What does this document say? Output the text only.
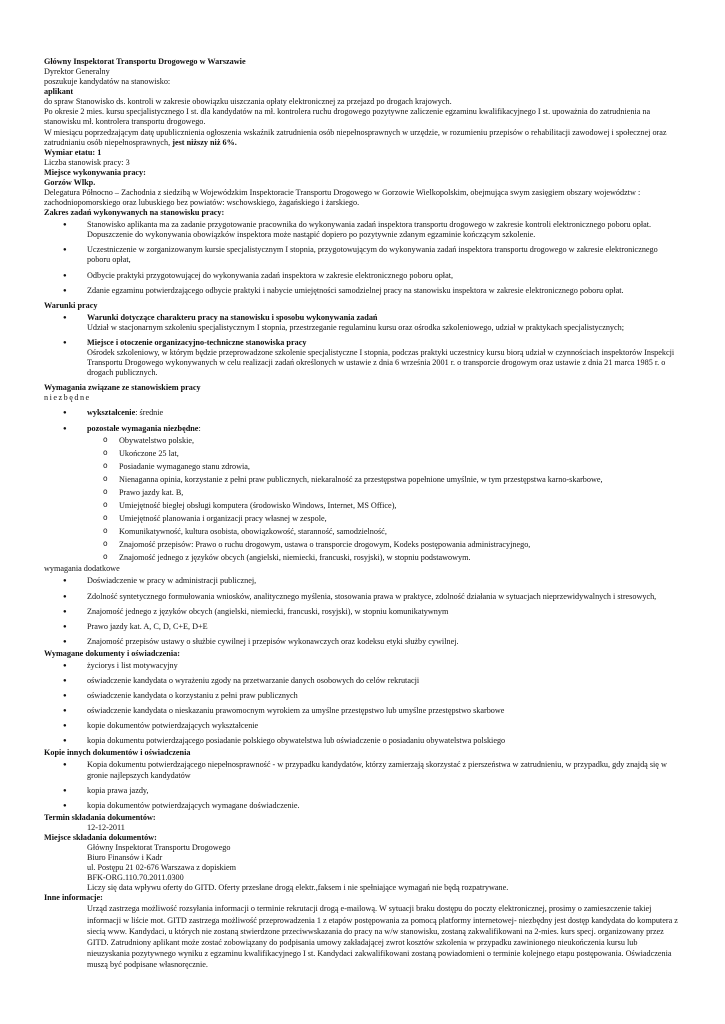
Główny Inspektorat Transportu Drogowego w Warszawie
Dyrektor Generalny
poszukuje kandydatów na stanowisko:
aplikant
do spraw Stanowisko ds. kontroli w zakresie obowiązku uiszczania opłaty elektronicznej za przejazd po drogach krajowych.
Po okresie 2 mies. kursu specjalistycznego I st. dla kandydatów na mł. kontrolera ruchu drogowego pozytywne zaliczenie egzaminu kwalifikacyjnego I st. upoważnia do zatrudnienia na stanowisku mł. kontrolera transportu drogowego.
W miesiącu poprzedzającym datę upublicznienia ogłoszenia wskaźnik zatrudnienia osób niepełnosprawnych w urzędzie, w rozumieniu przepisów o rehabilitacji zawodowej i społecznej oraz zatrudnianiu osób niepełnosprawnych, jest niższy niż 6%.
Wymiar etatu: 1
Liczba stanowisk pracy: 3
Miejsce wykonywania pracy:
Gorzów Wlkp.
Delegatura Północno – Zachodnia z siedzibą w Wojewódzkim Inspektoracie Transportu Drogowego w Gorzowie Wielkopolskim, obejmująca swym zasięgiem obszary województw : zachodniopomorskiego oraz lubuskiego bez powiatów: wschowskiego, żagańskiego i żarskiego.
Zakres zadań wykonywanych na stanowisku pracy:
● Stanowisko aplikanta ma za zadanie przygotowanie pracownika do wykonywania zadań inspektora transportu drogowego w zakresie kontroli elektronicznego poboru opłat. Dopuszczenie do wykonywania obowiązków inspektora może nastąpić dopiero po pozytywnie zdanym egzaminie kończącym szkolenie.
● Uczestniczenie w zorganizowanym kursie specjalistycznym I stopnia, przygotowującym do wykonywania zadań inspektora transportu drogowego w zakresie elektronicznego poboru opłat,
● Odbycie praktyki przygotowującej do wykonywania zadań inspektora w zakresie elektronicznego poboru opłat,
● Zdanie egzaminu potwierdzającego odbycie praktyki i nabycie umiejętności samodzielnej pracy na stanowisku inspektora w zakresie elektronicznego poboru opłat.
Warunki pracy
● Warunki dotyczące charakteru pracy na stanowisku i sposobu wykonywania zadań
Udział w stacjonarnym szkoleniu specjalistycznym I stopnia, przestrzeganie regulaminu kursu oraz ośrodka szkoleniowego, udział w praktykach specjalistycznych;
● Miejsce i otoczenie organizacyjno-techniczne stanowiska pracy
Ośrodek szkoleniowy, w którym będzie przeprowadzone szkolenie specjalistyczne I stopnia, podczas praktyki uczestnicy kursu biorą udział w czynnościach inspektorów Inspekcji Transportu Drogowego wykonywanych w celu realizacji zadań określonych w ustawie z dnia 6 września 2001 r. o transporcie drogowym oraz ustawie z dnia 21 marca 1985 r. o drogach publicznych.
Wymagania związane ze stanowiskiem pracy
niezbędne
● wykształcenie: średnie
● pozostałe wymagania niezbędne:
o Obywatelstwo polskie,
o Ukończone 25 lat,
o Posiadanie wymaganego stanu zdrowia,
o Nienaganna opinia, korzystanie z pełni praw publicznych, niekaralność za przestępstwa popełnione umyślnie, w tym przestępstwa karno-skarbowe,
o Prawo jazdy kat. B,
o Umiejętność biegłej obsługi komputera (środowisko Windows, Internet, MS Office),
o Umiejętność planowania i organizacji pracy własnej w zespole,
o Komunikatywność, kultura osobista, obowiązkowość, staranność, samodzielność,
o Znajomość przepisów: Prawo o ruchu drogowym, ustawa o transporcie drogowym, Kodeks postępowania administracyjnego,
o Znajomość jednego z języków obcych (angielski, niemiecki, francuski, rosyjski), w stopniu podstawowym.
wymagania dodatkowe
● Doświadczenie w pracy w administracji publicznej,
● Zdolność syntetycznego formułowania wniosków, analitycznego myślenia, stosowania prawa w praktyce, zdolność działania w sytuacjach nieprzewidywalnych i stresowych,
● Znajomość jednego z języków obcych (angielski, niemiecki, francuski, rosyjski), w stopniu komunikatywnym
● Prawo jazdy kat. A, C, D, C+E, D+E
● Znajomość przepisów ustawy o służbie cywilnej i przepisów wykonawczych oraz kodeksu etyki służby cywilnej.
Wymagane dokumenty i oświadczenia:
● życiorys i list motywacyjny
● oświadczenie kandydata o wyrażeniu zgody na przetwarzanie danych osobowych do celów rekrutacji
● oświadczenie kandydata o korzystaniu z pełni praw publicznych
● oświadczenie kandydata o nieskazaniu prawomocnym wyrokiem za umyślne przestępstwo lub umyślne przestępstwo skarbowe
● kopie dokumentów potwierdzających wykształcenie
● kopia dokumentu potwierdzającego posiadanie polskiego obywatelstwa lub oświadczenie o posiadaniu obywatelstwa polskiego
Kopie innych dokumentów i oświadczenia
● Kopia dokumentu potwierdzającego niepełnosprawność - w przypadku kandydatów, którzy zamierzają skorzystać z pierszeństwa w zatrudnieniu, w przypadku, gdy znajdą się w gronie najlepszych kandydatów
● kopia prawa jazdy,
● kopia dokumentów potwierdzających wymagane doświadczenie.
Termin składania dokumentów:
12-12-2011
Miejsce składania dokumentów:
Główny Inspektorat Transportu Drogowego
Biuro Finansów i Kadr
ul. Postępu 21 02-676 Warszawa z dopiskiem
BFK-ORG.110.70.2011.0300
Liczy się data wpływu oferty do GITD. Oferty przesłane drogą elektr.,faksem i nie spełniające wymagań nie będą rozpatrywane.
Inne informacje:
Urząd zastrzega możliwość rozsyłania informacji o terminie rekrutacji drogą e-mailową. W sytuacji braku dostępu do poczty elektronicznej, prosimy o zamieszczenie takiej informacji w liście mot. GITD zastrzega możliwość przeprowadzenia 1 z etapów postępowania za pomocą platformy internetowej- niezbędny jest dostęp kandydata do komputera z siecią www. Kandydaci, u których nie zostaną stwierdzone przeciwwskazania do pracy na w/w stanowisku, zostaną zakwalifikowani na 2-mies. kurs specj. organizowany przez GITD. Zatrudniony aplikant może zostać zobowiązany do podpisania umowy zakładającej zwrot kosztów szkolenia w przypadku zawinionego nieukończenia kursu lub nieuzyskania pozytywnego wyniku z egzaminu kwalifikacyjnego I st. Kandydaci zakwalifikowani zostaną powiadomieni o terminie kolejnego etapu postępowania. Oświadczenia muszą być podpisane własnoręcznie.
